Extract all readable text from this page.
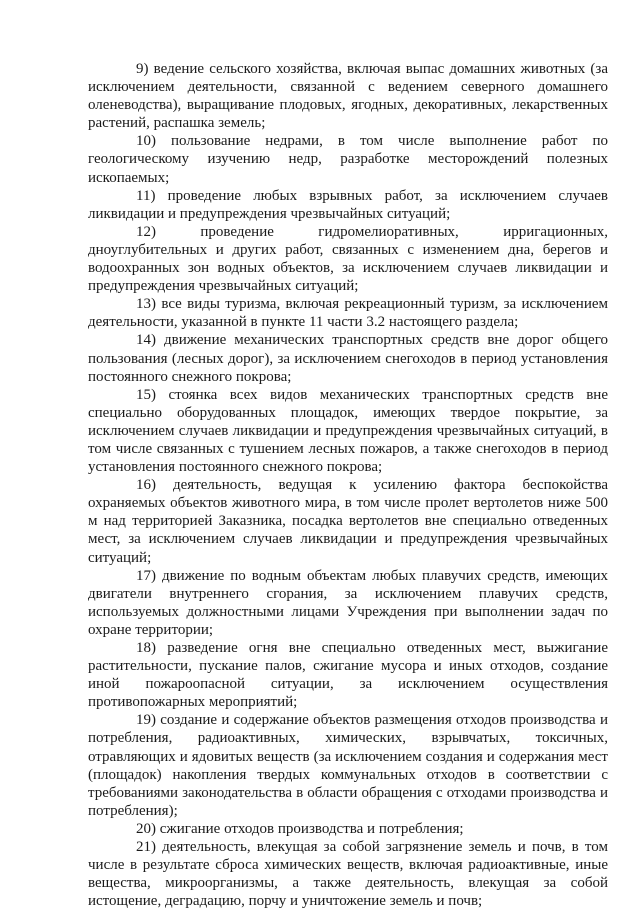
9) ведение сельского хозяйства, включая выпас домашних животных (за исключением деятельности, связанной с ведением северного домашнего оленеводства), выращивание плодовых, ягодных, декоративных, лекарственных растений, распашка земель;

10) пользование недрами, в том числе выполнение работ по геологическому изучению недр, разработке месторождений полезных ископаемых;

11) проведение любых взрывных работ, за исключением случаев ликвидации и предупреждения чрезвычайных ситуаций;

12) проведение гидромелиоративных, ирригационных, дноуглубительных и других работ, связанных с изменением дна, берегов и водоохранных зон водных объектов, за исключением случаев ликвидации и предупреждения чрезвычайных ситуаций;

13) все виды туризма, включая рекреационный туризм, за исключением деятельности, указанной в пункте 11 части 3.2 настоящего раздела;

14) движение механических транспортных средств вне дорог общего пользования (лесных дорог), за исключением снегоходов в период установления постоянного снежного покрова;

15) стоянка всех видов механических транспортных средств вне специально оборудованных площадок, имеющих твердое покрытие, за исключением случаев ликвидации и предупреждения чрезвычайных ситуаций, в том числе связанных с тушением лесных пожаров, а также снегоходов в период установления постоянного снежного покрова;

16) деятельность, ведущая к усилению фактора беспокойства охраняемых объектов животного мира, в том числе пролет вертолетов ниже 500 м над территорией Заказника, посадка вертолетов вне специально отведенных мест, за исключением случаев ликвидации и предупреждения чрезвычайных ситуаций;

17) движение по водным объектам любых плавучих средств, имеющих двигатели внутреннего сгорания, за исключением плавучих средств, используемых должностными лицами Учреждения при выполнении задач по охране территории;

18) разведение огня вне специально отведенных мест, выжигание растительности, пускание палов, сжигание мусора и иных отходов, создание иной пожароопасной ситуации, за исключением осуществления противопожарных мероприятий;

19) создание и содержание объектов размещения отходов производства и потребления, радиоактивных, химических, взрывчатых, токсичных, отравляющих и ядовитых веществ (за исключением создания и содержания мест (площадок) накопления твердых коммунальных отходов в соответствии с требованиями законодательства в области обращения с отходами производства и потребления);

20) сжигание отходов производства и потребления;

21) деятельность, влекущая за собой загрязнение земель и почв, в том числе в результате сброса химических веществ, включая радиоактивные, иные вещества, микроорганизмы, а также деятельность, влекущая за собой истощение, деградацию, порчу и уничтожение земель и почв;
